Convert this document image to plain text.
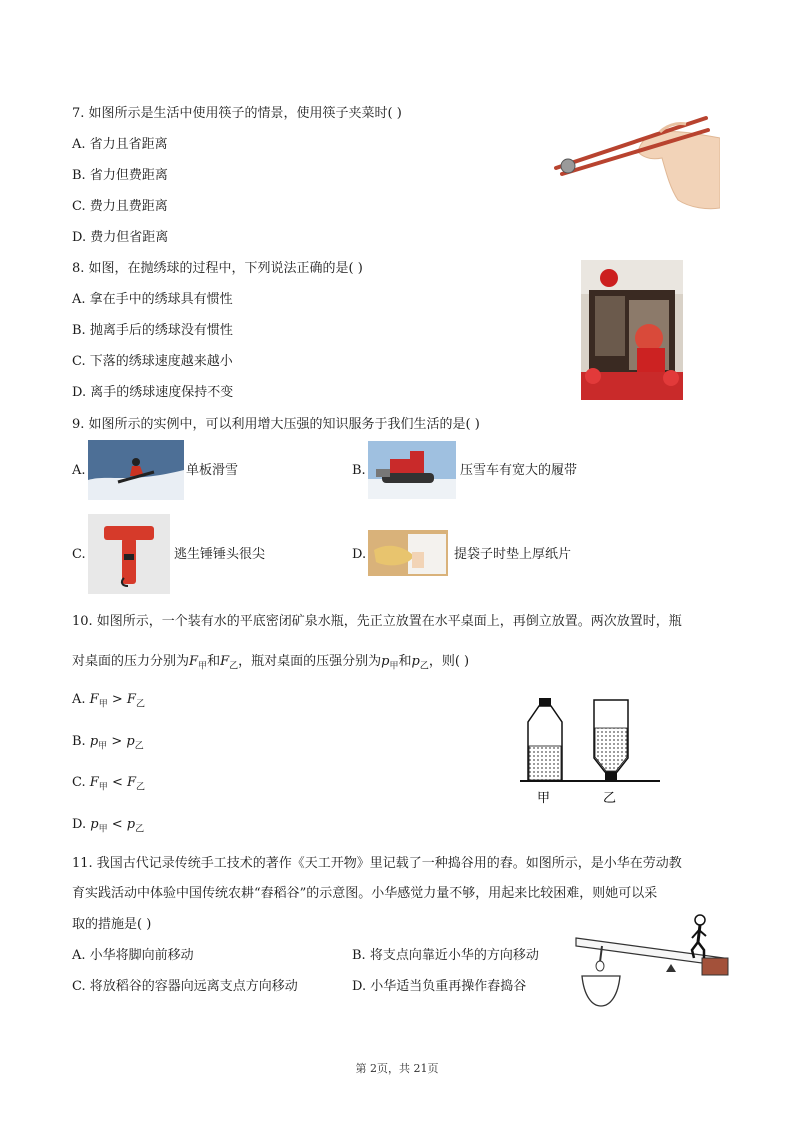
7. 如图所示是生活中使用筷子的情景，使用筷子夹菜时( )
A. 省力且省距离
B. 省力但费距离
C. 费力且费距离
D. 费力但省距离
8. 如图，在抛绣球的过程中，下列说法正确的是( )
A. 拿在手中的绣球具有惯性
B. 抛离手后的绣球没有惯性
C. 下落的绣球速度越来越小
D. 离手的绣球速度保持不变
9. 如图所示的实例中，可以利用增大压强的知识服务于我们生活的是( )
A.	单板滑雪	B.	压雪车有宽大的履带
C.	逃生锤锤头很尖	D.	提袋子时垫上厚纸片
10. 如图所示，一个装有水的平底密闭矿泉水瓶，先正立放置在水平桌面上，再倒立放置。两次放置时，瓶
对桌面的压力分别为$F_甲$和$F_乙$，瓶对桌面的压强分别为$p_甲$和$p_乙$，则( )
A. $F_甲 > F_乙$
B. $p_甲 > p_乙$
C. $F_甲 < F_乙$
D. $p_甲 < p_乙$
甲	乙
11. 我国古代记录传统手工技术的著作《天工开物》里记载了一种捣谷用的舂。如图所示，是小华在劳动教
育实践活动中体验中国传统农耕“舂稻谷”的示意图。小华感觉力量不够，用起来比较困难，则她可以采
取的措施是( )
A. 小华将脚向前移动	B. 将支点向靠近小华的方向移动
C. 将放稻谷的容器向远离支点方向移动	D. 小华适当负重再操作舂捣谷
第 2页，共 21页
